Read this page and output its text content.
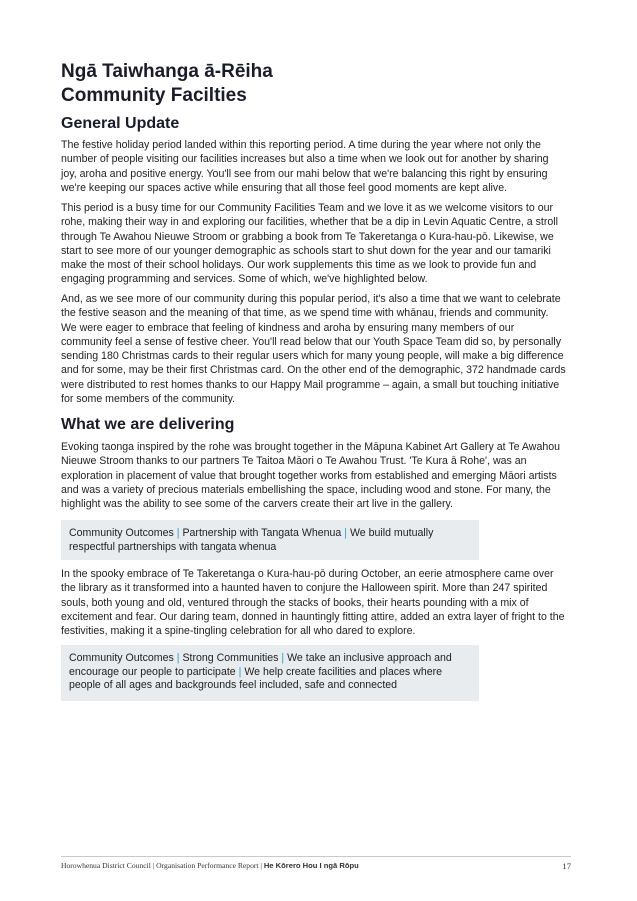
Ngā Taiwhanga ā-Rēiha

Community Facilties

General Update

The festive holiday period landed within this reporting period. A time during the year where not only the number of people visiting our facilities increases but also a time when we look out for another by sharing joy, aroha and positive energy. You'll see from our mahi below that we're balancing this right by ensuring we're keeping our spaces active while ensuring that all those feel good moments are kept alive.

This period is a busy time for our Community Facilities Team and we love it as we welcome visitors to our rohe, making their way in and exploring our facilities, whether that be a dip in Levin Aquatic Centre, a stroll through Te Awahou Nieuwe Stroom or grabbing a book from Te Takeretanga o Kura-hau-pō. Likewise, we start to see more of our younger demographic as schools start to shut down for the year and our tamariki make the most of their school holidays. Our work supplements this time as we look to provide fun and engaging programming and services. Some of which, we've highlighted below.

And, as we see more of our community during this popular period, it's also a time that we want to celebrate the festive season and the meaning of that time, as we spend time with whānau, friends and community. We were eager to embrace that feeling of kindness and aroha by ensuring many members of our community feel a sense of festive cheer. You'll read below that our Youth Space Team did so, by personally sending 180 Christmas cards to their regular users which for many young people, will make a big difference and for some, may be their first Christmas card. On the other end of the demographic, 372 handmade cards were distributed to rest homes thanks to our Happy Mail programme – again, a small but touching initiative for some members of the community.

What we are delivering

Evoking taonga inspired by the rohe was brought together in the Māpuna Kabinet Art Gallery at Te Awahou Nieuwe Stroom thanks to our partners Te Taitoa Māori o Te Awahou Trust. 'Te Kura ā Rohe', was an exploration in placement of value that brought together works from established and emerging Māori artists and was a variety of precious materials embellishing the space, including wood and stone. For many, the highlight was the ability to see some of the carvers create their art live in the gallery.

Community Outcomes | Partnership with Tangata Whenua | We build mutually respectful partnerships with tangata whenua

In the spooky embrace of Te Takeretanga o Kura-hau-pō during October, an eerie atmosphere came over the library as it transformed into a haunted haven to conjure the Halloween spirit. More than 247 spirited souls, both young and old, ventured through the stacks of books, their hearts pounding with a mix of excitement and fear. Our daring team, donned in hauntingly fitting attire, added an extra layer of fright to the festivities, making it a spine-tingling celebration for all who dared to explore.

Community Outcomes | Strong Communities | We take an inclusive approach and encourage our people to participate | We help create facilities and places where people of all ages and backgrounds feel included, safe and connected
Horowhenua District Council | Organisation Performance Report | He Kōrero Hou I ngā Rōpu	17
